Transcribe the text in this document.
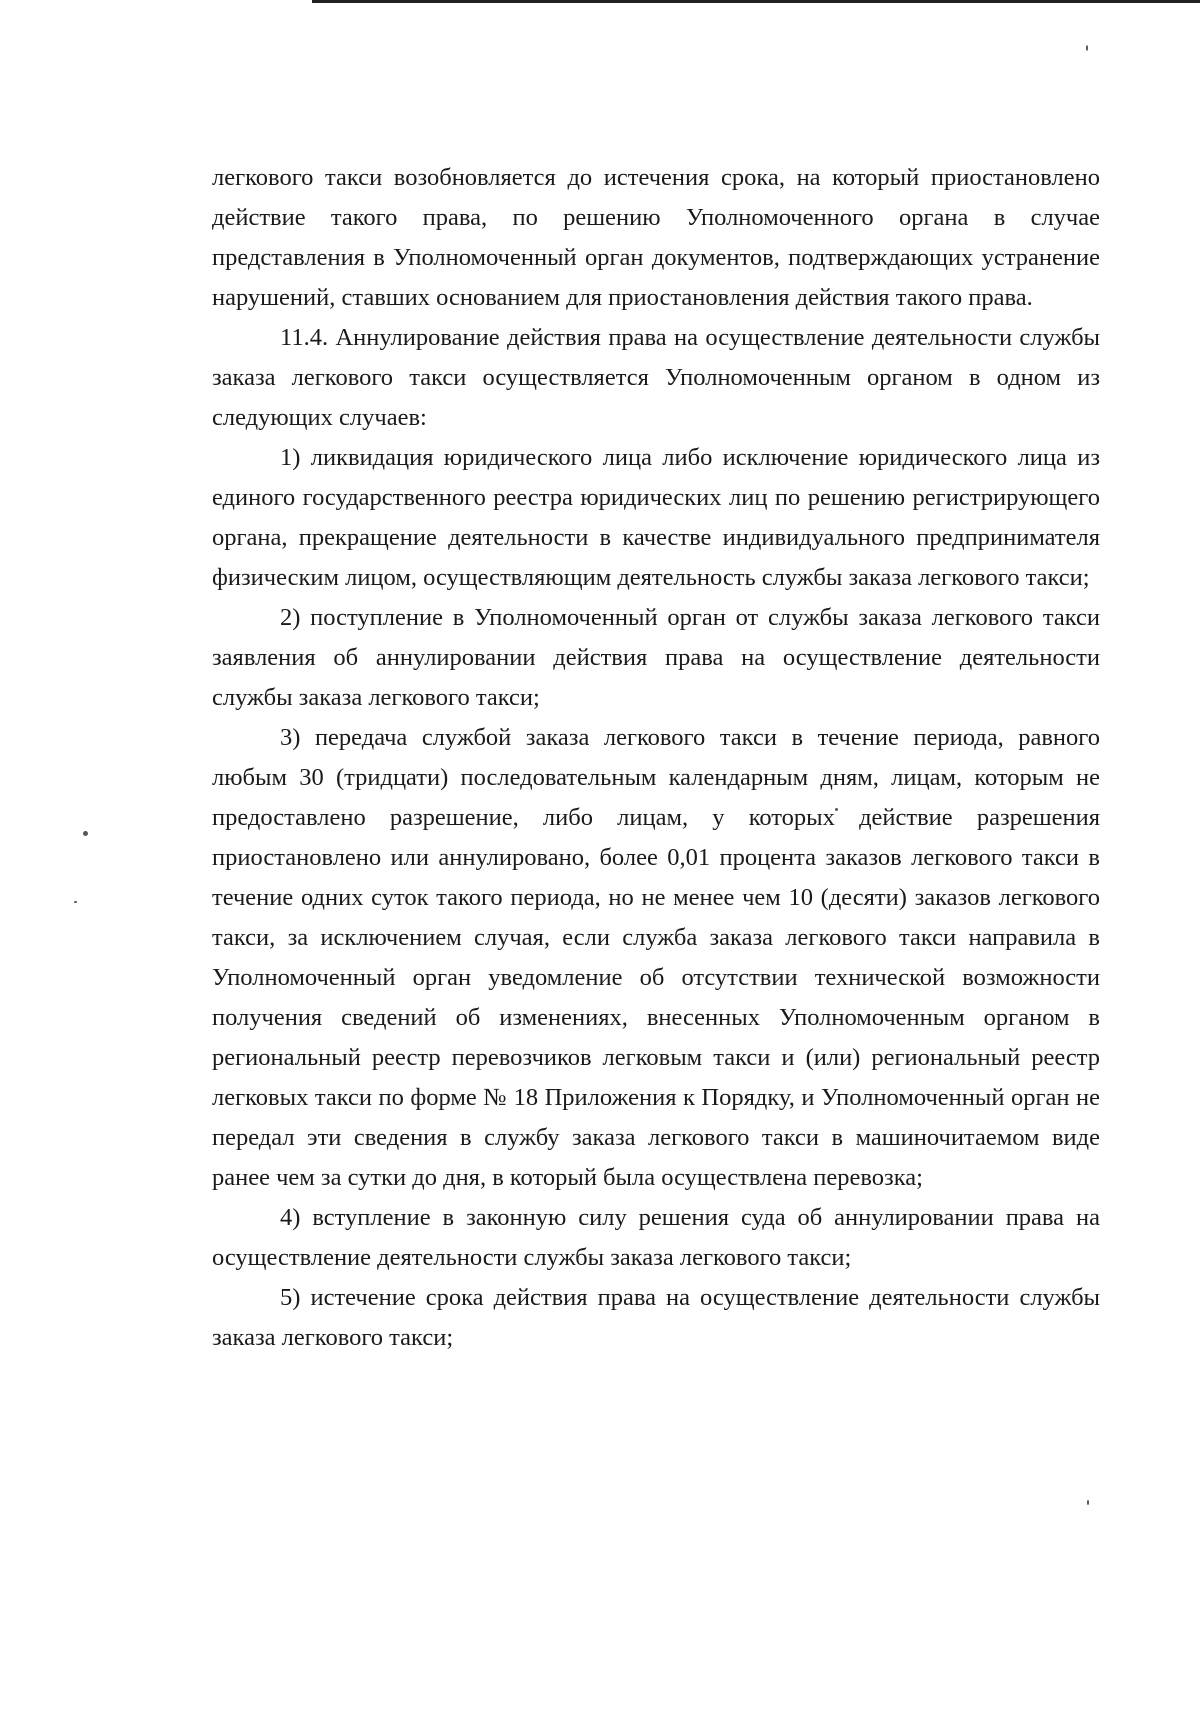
легкового такси возобновляется до истечения срока, на который приостановлено действие такого права, по решению Уполномоченного органа в случае представления в Уполномоченный орган документов, подтверждающих устранение нарушений, ставших основанием для приостановления действия такого права.

11.4. Аннулирование действия права на осуществление деятельности службы заказа легкового такси осуществляется Уполномоченным органом в одном из следующих случаев:

1) ликвидация юридического лица либо исключение юридического лица из единого государственного реестра юридических лиц по решению регистрирующего органа, прекращение деятельности в качестве индивидуального предпринимателя физическим лицом, осуществляющим деятельность службы заказа легкового такси;

2) поступление в Уполномоченный орган от службы заказа легкового такси заявления об аннулировании действия права на осуществление деятельности службы заказа легкового такси;

3) передача службой заказа легкового такси в течение периода, равного любым 30 (тридцати) последовательным календарным дням, лицам, которым не предоставлено разрешение, либо лицам, у которых действие разрешения приостановлено или аннулировано, более 0,01 процента заказов легкового такси в течение одних суток такого периода, но не менее чем 10 (десяти) заказов легкового такси, за исключением случая, если служба заказа легкового такси направила в Уполномоченный орган уведомление об отсутствии технической возможности получения сведений об изменениях, внесенных Уполномоченным органом в региональный реестр перевозчиков легковым такси и (или) региональный реестр легковых такси по форме № 18 Приложения к Порядку, и Уполномоченный орган не передал эти сведения в службу заказа легкового такси в машиночитаемом виде ранее чем за сутки до дня, в который была осуществлена перевозка;

4) вступление в законную силу решения суда об аннулировании права на осуществление деятельности службы заказа легкового такси;

5) истечение срока действия права на осуществление деятельности службы заказа легкового такси;
